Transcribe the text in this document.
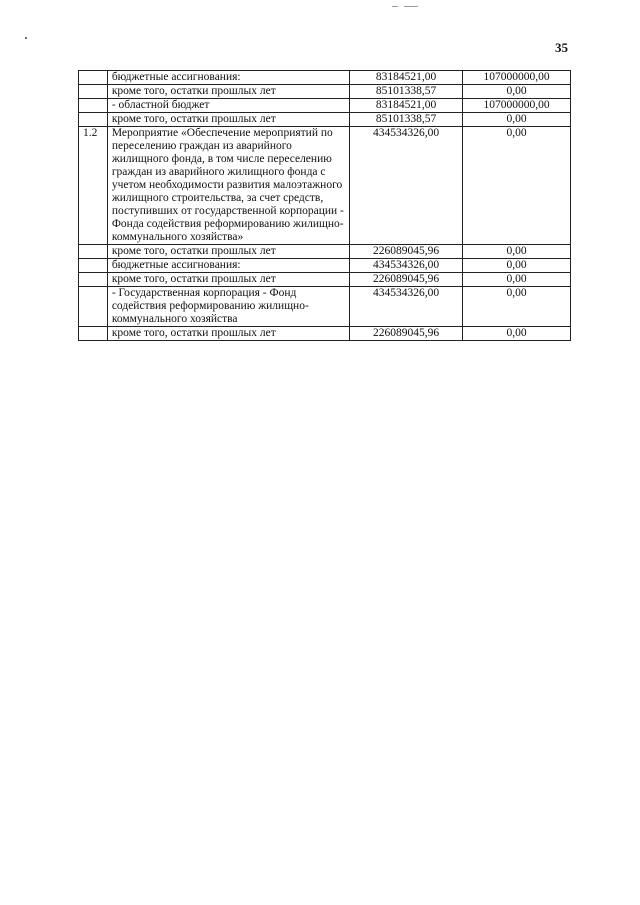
35
	бюджетные ассигнования:	83184521,00	107000000,00
	кроме того, остатки прошлых лет	85101338,57	0,00
	- областной бюджет	83184521,00	107000000,00
	кроме того, остатки прошлых лет	85101338,57	0,00
1.2	Мероприятие «Обеспечение мероприятий по переселению граждан из аварийного жилищного фонда, в том числе переселению граждан из аварийного жилищного фонда с учетом необходимости развития малоэтажного жилищного строительства, за счет средств, поступивших от государственной корпорации - Фонда содействия реформированию жилищно-коммунального хозяйства»	434534326,00	0,00
	кроме того, остатки прошлых лет	226089045,96	0,00
	бюджетные ассигнования:	434534326,00	0,00
	кроме того, остатки прошлых лет	226089045,96	0,00
	- Государственная корпорация - Фонд содействия реформированию жилищно-коммунального хозяйства	434534326,00	0,00
	кроме того, остатки прошлых лет	226089045,96	0,00
